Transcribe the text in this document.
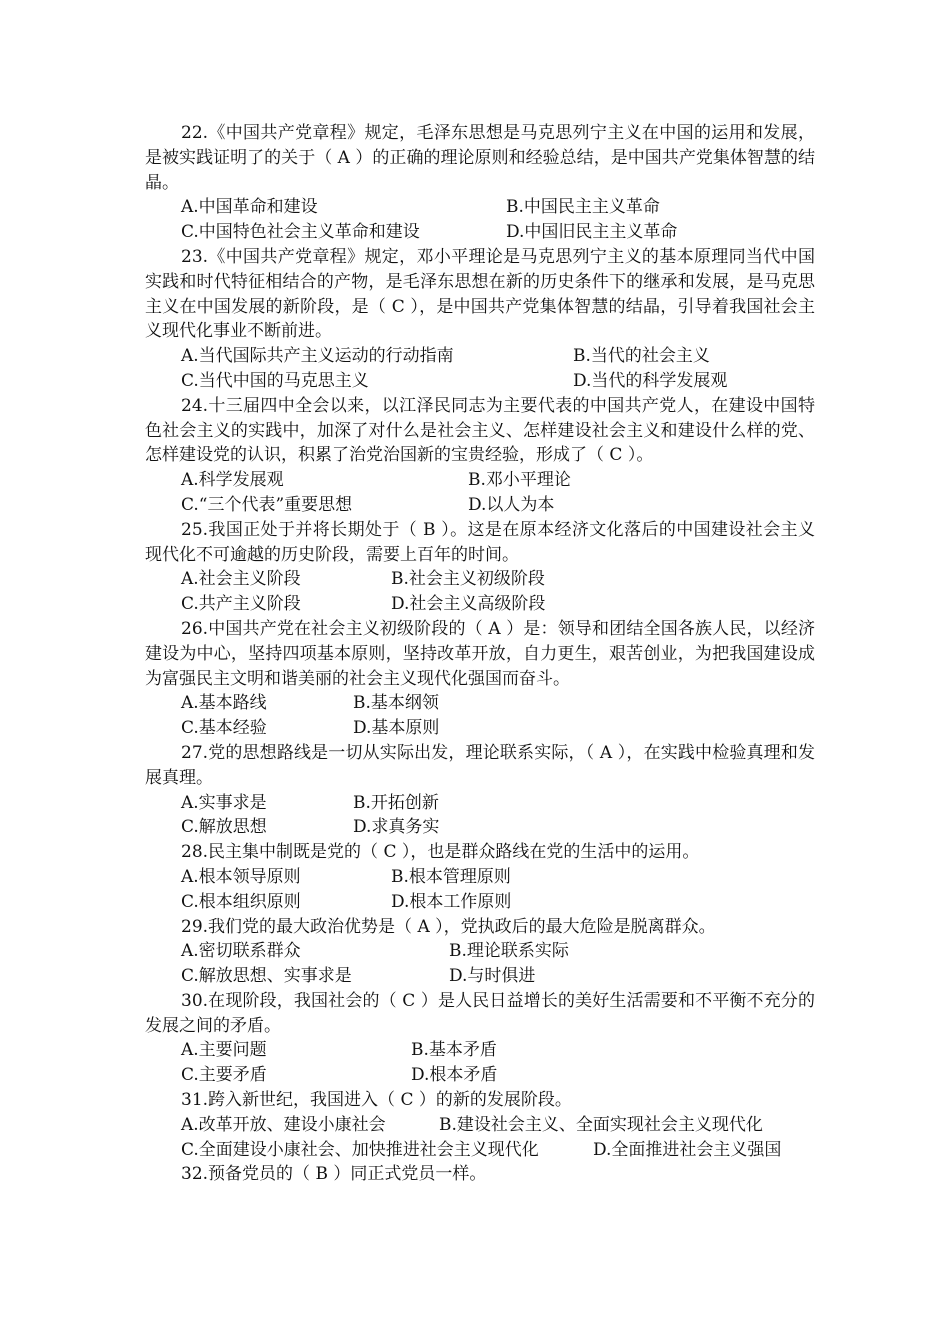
22.《中国共产党章程》规定，毛泽东思想是马克思列宁主义在中国的运用和发展，是被实践证明了的关于（ A ）的正确的理论原则和经验总结，是中国共产党集体智慧的结晶。

A.中国革命和建设	B.中国民主主义革命
C.中国特色社会主义革命和建设	D.中国旧民主主义革命

23.《中国共产党章程》规定，邓小平理论是马克思列宁主义的基本原理同当代中国实践和时代特征相结合的产物，是毛泽东思想在新的历史条件下的继承和发展，是马克思主义在中国发展的新阶段，是（ C ），是中国共产党集体智慧的结晶，引导着我国社会主义现代化事业不断前进。

A.当代国际共产主义运动的行动指南	B.当代的社会主义
C.当代中国的马克思主义	D.当代的科学发展观

24.十三届四中全会以来，以江泽民同志为主要代表的中国共产党人，在建设中国特色社会主义的实践中，加深了对什么是社会主义、怎样建设社会主义和建设什么样的党、怎样建设党的认识，积累了治党治国新的宝贵经验，形成了（ C ）。

A.科学发展观	B.邓小平理论
C.“三个代表”重要思想	D.以人为本

25.我国正处于并将长期处于（ B ）。这是在原本经济文化落后的中国建设社会主义现代化不可逾越的历史阶段，需要上百年的时间。

A.社会主义阶段	B.社会主义初级阶段
C.共产主义阶段	D.社会主义高级阶段

26.中国共产党在社会主义初级阶段的（ A ）是：领导和团结全国各族人民，以经济建设为中心，坚持四项基本原则，坚持改革开放，自力更生，艰苦创业，为把我国建设成为富强民主文明和谐美丽的社会主义现代化强国而奋斗。

A.基本路线	B.基本纲领
C.基本经验	D.基本原则

27.党的思想路线是一切从实际出发，理论联系实际，（ A ），在实践中检验真理和发展真理。

A.实事求是	B.开拓创新
C.解放思想	D.求真务实

28.民主集中制既是党的（ C ），也是群众路线在党的生活中的运用。

A.根本领导原则	B.根本管理原则
C.根本组织原则	D.根本工作原则

29.我们党的最大政治优势是（ A ），党执政后的最大危险是脱离群众。

A.密切联系群众	B.理论联系实际
C.解放思想、实事求是	D.与时俱进

30.在现阶段，我国社会的（ C ）是人民日益增长的美好生活需要和不平衡不充分的发展之间的矛盾。

A.主要问题	B.基本矛盾
C.主要矛盾	D.根本矛盾

31.跨入新世纪，我国进入（ C ）的新的发展阶段。

A.改革开放、建设小康社会	B.建设社会主义、全面实现社会主义现代化
C.全面建设小康社会、加快推进社会主义现代化	D.全面推进社会主义强国

32.预备党员的（ B ）同正式党员一样。
